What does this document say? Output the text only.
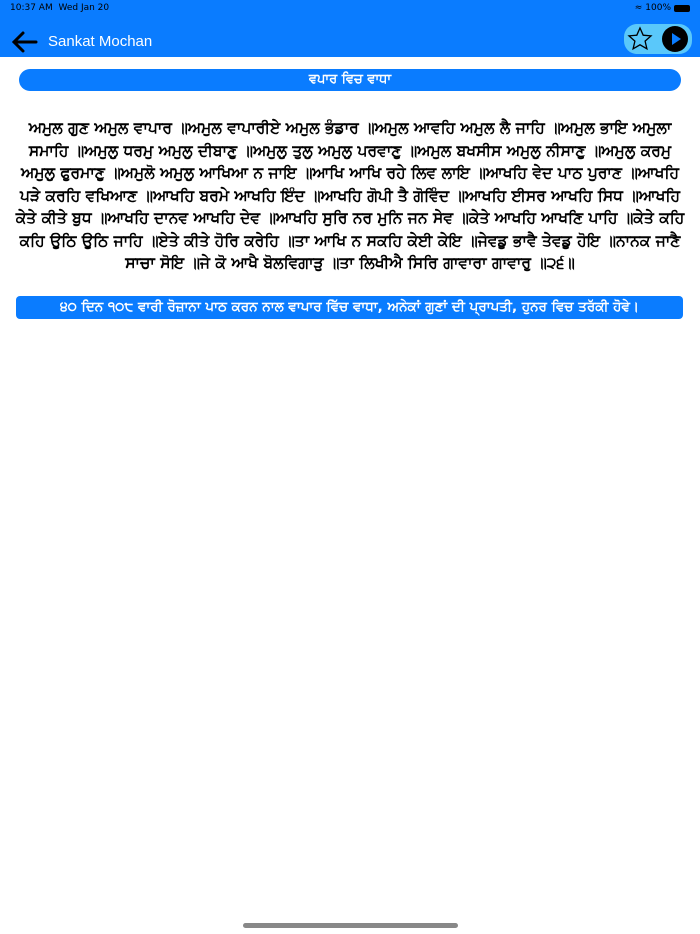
10:37 AM Wed Jan 20	≈ 100%
Sankat Mochan
ਵਪਾਰ ਵਿਚ ਵਾਧਾ
ਅਮੁਲ ਗੁਣ ਅਮੁਲ ਵਾਪਾਰ ॥ਅਮੁਲ ਵਾਪਾਰੀਏ ਅਮੁਲ ਭੰਡਾਰ ॥ਅਮੁਲ ਆਵਹਿ ਅਮੁਲ ਲੈ ਜਾਹਿ ॥ਅਮੁਲ ਭਾਇ ਅਮੁਲਾ ਸਮਾਹਿ ॥ਅਮੁਲੁ ਧਰਮੁ ਅਮੁਲੁ ਦੀਬਾਣੁ ॥ਅਮੁਲੁ ਤੁਲੁ ਅਮੁਲੁ ਪਰਵਾਣੁ ॥ਅਮੁਲ ਬਖਸੀਸ ਅਮੁਲੁ ਨੀਸਾਣੁ ॥ਅਮੁਲੁ ਕਰਮੁ ਅਮੁਲੁ ਫੁਰਮਾਣੁ ॥ਅਮੁਲੋ ਅਮੁਲੁ ਆਖਿਆ ਨ ਜਾਇ ॥ਆਖਿ ਆਖਿ ਰਹੇ ਲਿਵ ਲਾਇ ॥ਆਖਹਿ ਵੇਦ ਪਾਠ ਪੁਰਾਣ ॥ਆਖਹਿ ਪੜੇ ਕਰਹਿ ਵਖਿਆਣ ॥ਆਖਹਿ ਬਰਮੇ ਆਖਹਿ ਇੰਦ ॥ਆਖਹਿ ਗੋਪੀ ਤੈ ਗੋਵਿੰਦ ॥ਆਖਹਿ ਈਸਰ ਆਖਹਿ ਸਿਧ ॥ਆਖਹਿ ਕੇਤੇ ਕੀਤੇ ਬੁਧ ॥ਆਖਹਿ ਦਾਨਵ ਆਖਹਿ ਦੇਵ ॥ਆਖਹਿ ਸੁਰਿ ਨਰ ਮੁਨਿ ਜਨ ਸੇਵ ॥ਕੇਤੇ ਆਖਹਿ ਆਖਣਿ ਪਾਹਿ ॥ਕੇਤੇ ਕਹਿ ਕਹਿ ਉਠਿ ਉਠਿ ਜਾਹਿ ॥ਏਤੇ ਕੀਤੇ ਹੋਰਿ ਕਰੇਹਿ ॥ਤਾ ਆਖਿ ਨ ਸਕਹਿ ਕੇਈ ਕੇਇ ॥ਜੇਵਡੁ ਭਾਵੈ ਤੇਵਡੁ ਹੋਇ ॥ਨਾਨਕ ਜਾਣੈ ਸਾਚਾ ਸੋਇ ॥ਜੇ ਕੋ ਆਖੈ ਬੋਲਵਿਗਾੜੁ ॥ਤਾ ਲਿਖੀਐ ਸਿਰਿ ਗਾਵਾਰਾ ਗਾਵਾਰੁ ॥੨੬॥
੪੦ ਦਿਨ ੧੦੮ ਵਾਰੀ ਰੋਜ਼ਾਨਾ ਪਾਠ ਕਰਨ ਨਾਲ ਵਾਪਾਰ ਵਿੱਚ ਵਾਧਾ, ਅਨੇਕਾਂ ਗੁਣਾਂ ਦੀ ਪ੍ਰਾਪਤੀ, ਹੁਨਰ ਵਿਚ ਤਰੱਕੀ ਹੋਵੇ।
